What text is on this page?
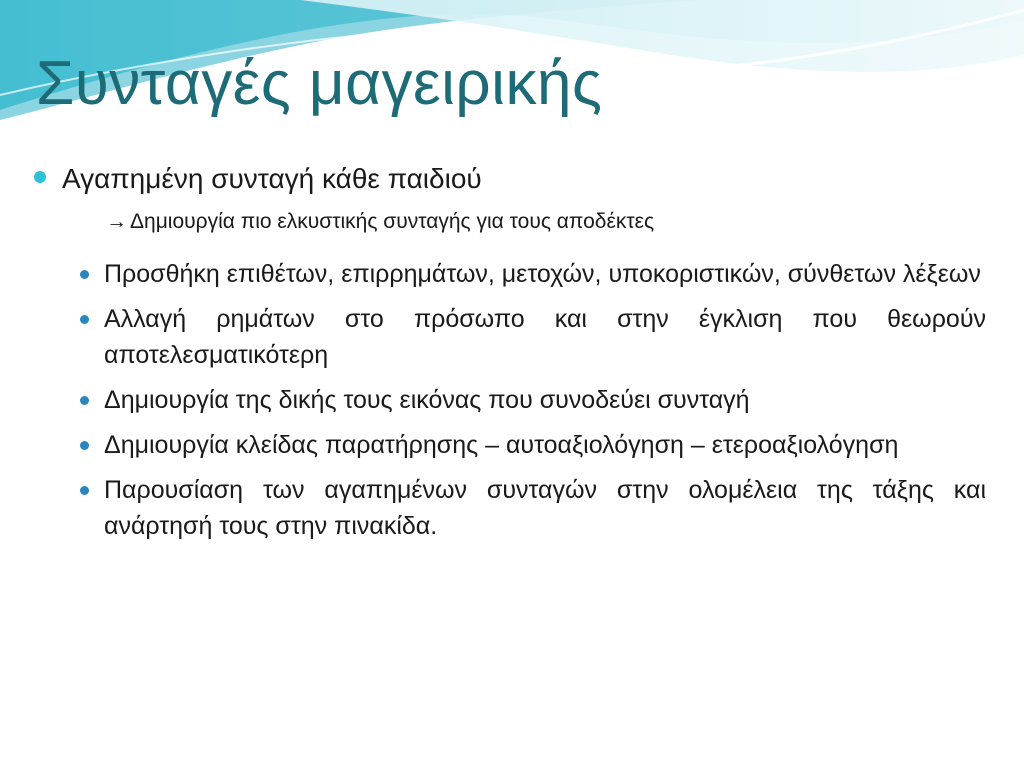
Συνταγές μαγειρικής
Αγαπημένη συνταγή κάθε παιδιού
→ Δημιουργία πιο ελκυστικής συνταγής για τους αποδέκτες
Προσθήκη επιθέτων, επιρρημάτων, μετοχών, υποκοριστικών, σύνθετων λέξεων
Αλλαγή ρημάτων στο πρόσωπο και στην έγκλιση που θεωρούν αποτελεσματικότερη
Δημιουργία της δικής τους εικόνας που συνοδεύει συνταγή
Δημιουργία κλείδας παρατήρησης – αυτοαξιολόγηση – ετεροαξιολόγηση
Παρουσίαση των αγαπημένων συνταγών στην ολομέλεια της τάξης και ανάρτησή τους στην πινακίδα.
